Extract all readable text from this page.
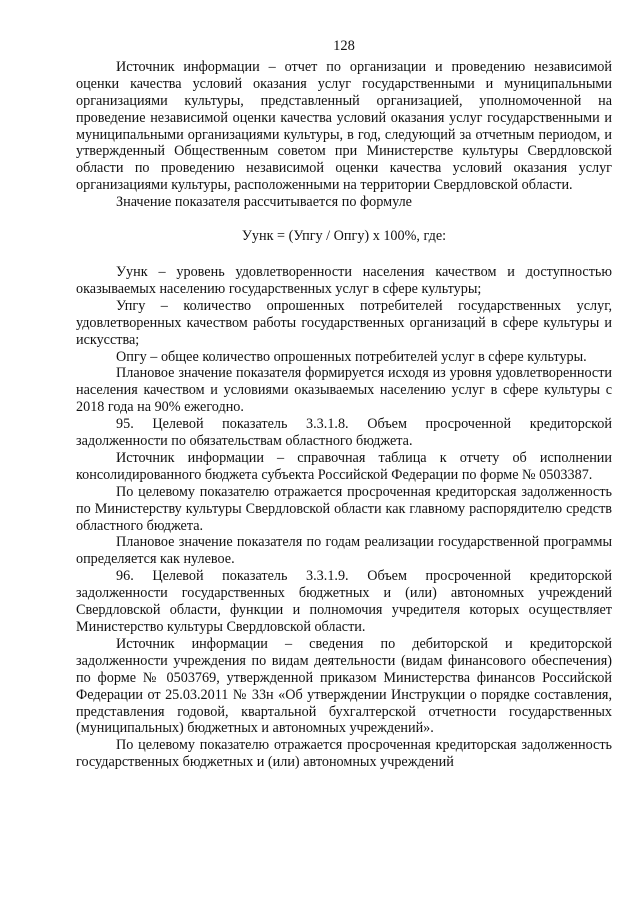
128

Источник информации – отчет по организации и проведению независимой оценки качества условий оказания услуг государственными и муниципальными организациями культуры, представленный организацией, уполномоченной на проведение независимой оценки качества условий оказания услуг государственными и муниципальными организациями культуры, в год, следующий за отчетным периодом, и утвержденный Общественным советом при Министерстве культуры Свердловской области по проведению независимой оценки качества условий оказания услуг организациями культуры, расположенными на территории Свердловской области.

Значение показателя рассчитывается по формуле

Уунк = (Упгу / Опгу) х 100%, где:

Уунк – уровень удовлетворенности населения качеством и доступностью оказываемых населению государственных услуг в сфере культуры;

Упгу – количество опрошенных потребителей государственных услуг, удовлетворенных качеством работы государственных организаций в сфере культуры и искусства;

Опгу – общее количество опрошенных потребителей услуг в сфере культуры.

Плановое значение показателя формируется исходя из уровня удовлетворенности населения качеством и условиями оказываемых населению услуг в сфере культуры с 2018 года на 90% ежегодно.

95. Целевой показатель 3.3.1.8. Объем просроченной кредиторской задолженности по обязательствам областного бюджета.

Источник информации – справочная таблица к отчету об исполнении консолидированного бюджета субъекта Российской Федерации по форме № 0503387.

По целевому показателю отражается просроченная кредиторская задолженность по Министерству культуры Свердловской области как главному распорядителю средств областного бюджета.

Плановое значение показателя по годам реализации государственной программы определяется как нулевое.

96. Целевой показатель 3.3.1.9. Объем просроченной кредиторской задолженности государственных бюджетных и (или) автономных учреждений Свердловской области, функции и полномочия учредителя которых осуществляет Министерство культуры Свердловской области.

Источник информации – сведения по дебиторской и кредиторской задолженности учреждения по видам деятельности (видам финансового обеспечения) по форме № 0503769, утвержденной приказом Министерства финансов Российской Федерации от 25.03.2011 № 33н «Об утверждении Инструкции о порядке составления, представления годовой, квартальной бухгалтерской отчетности государственных (муниципальных) бюджетных и автономных учреждений».

По целевому показателю отражается просроченная кредиторская задолженность государственных бюджетных и (или) автономных учреждений
